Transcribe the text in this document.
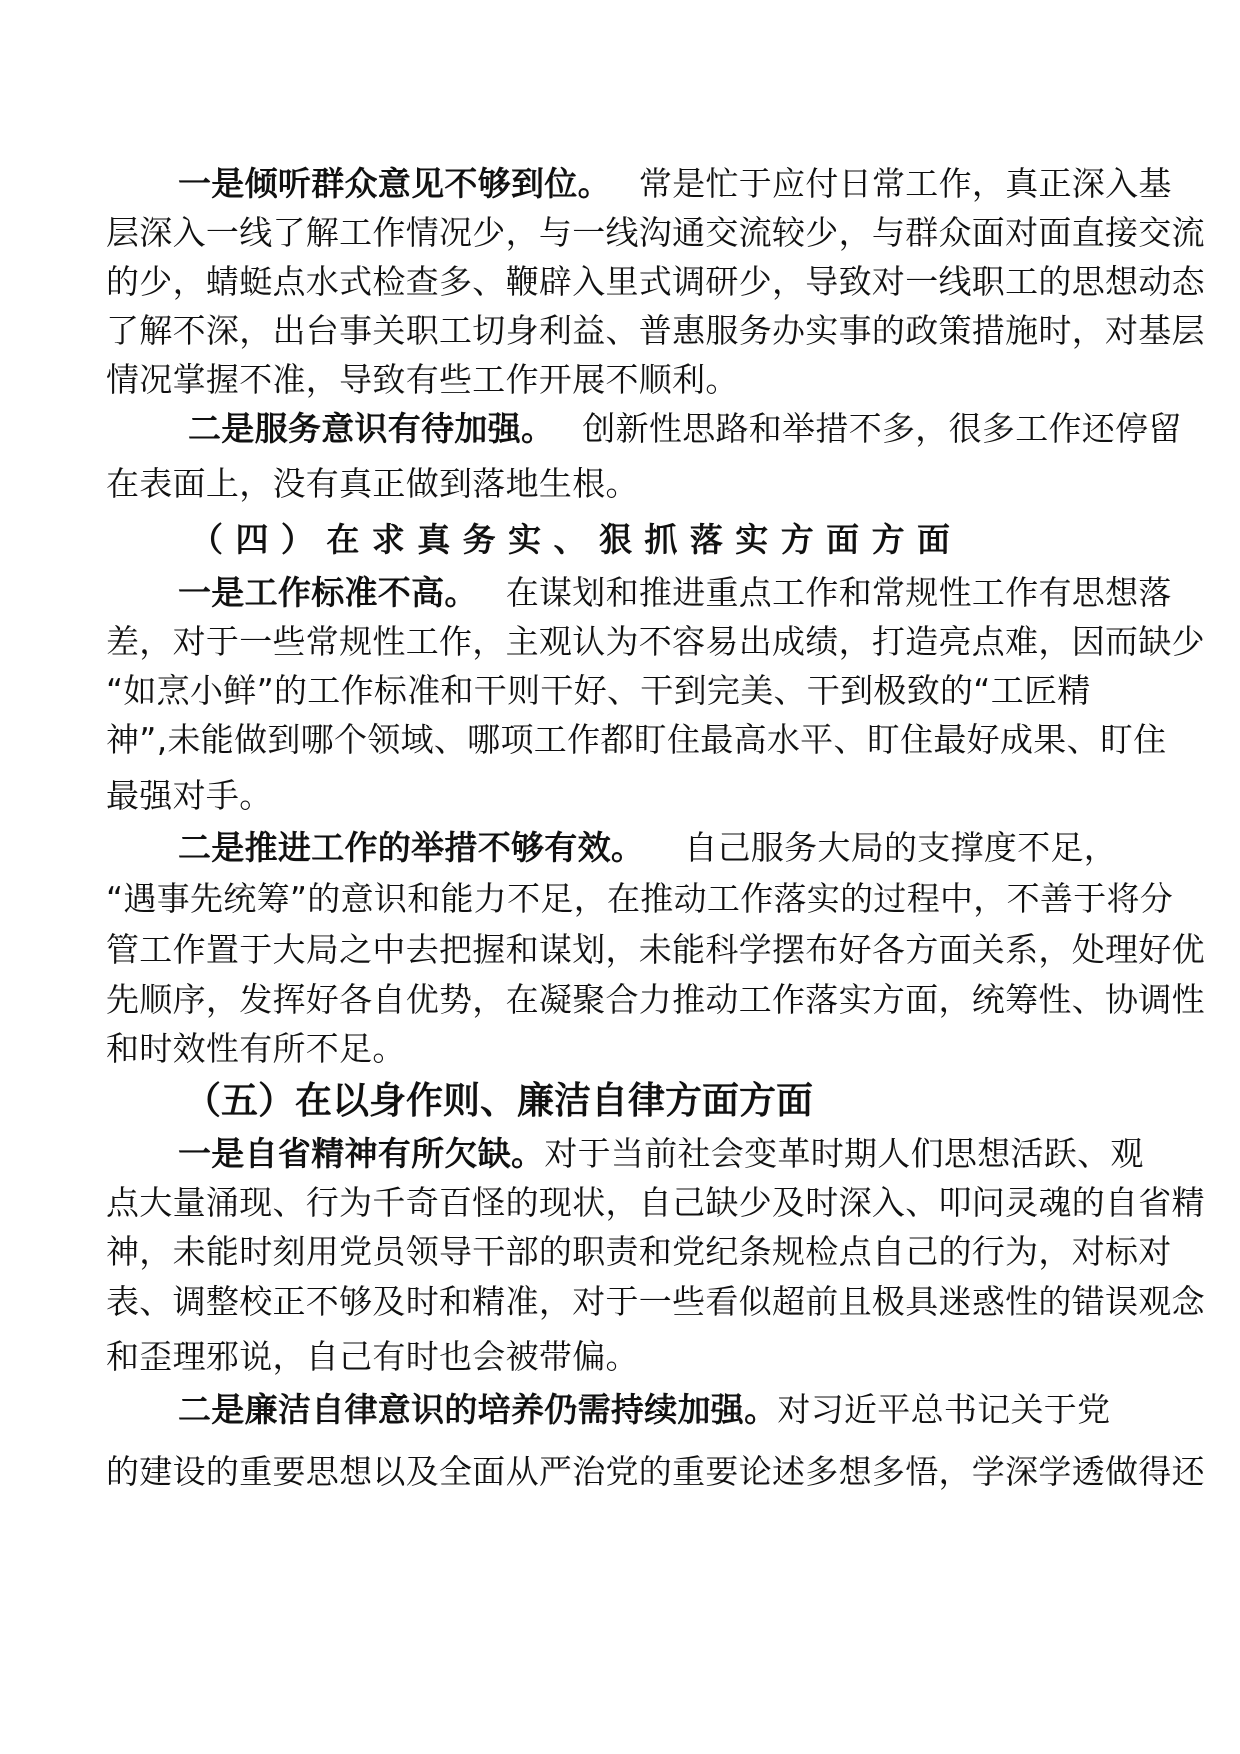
一是倾听群众意见不够到位。 常是忙于应付日常工作，真正深入基
层深入一线了解工作情况少，与一线沟通交流较少，与群众面对面直接交流
的少，蜻蜓点水式检查多、鞭辟入里式调研少，导致对一线职工的思想动态
了解不深，出台事关职工切身利益、普惠服务办实事的政策措施时，对基层
情况掌握不准，导致有些工作开展不顺利。
二是服务意识有待加强。 创新性思路和举措不多，很多工作还停留
在表面上，没有真正做到落地生根。
（ 四 ） 在 求 真 务 实 、 狠 抓 落 实 方 面 方 面
一是工作标准不高。 在谋划和推进重点工作和常规性工作有思想落
差，对于一些常规性工作，主观认为不容易出成绩，打造亮点难，因而缺少
“如烹小鲜”的工作标准和干则干好、干到完美、干到极致的“工匠精
神”,未能做到哪个领域、哪项工作都盯住最高水平、盯住最好成果、盯住
最强对手。
二是推进工作的举措不够有效。 自己服务大局的支撑度不足，
“遇事先统筹”的意识和能力不足，在推动工作落实的过程中，不善于将分
管工作置于大局之中去把握和谋划，未能科学摆布好各方面关系，处理好优
先顺序，发挥好各自优势，在凝聚合力推动工作落实方面，统筹性、协调性
和时效性有所不足。
（五）在以身作则、廉洁自律方面方面
一是自省精神有所欠缺。对于当前社会变革时期人们思想活跃、观
点大量涌现、行为千奇百怪的现状，自己缺少及时深入、叩问灵魂的自省精
神，未能时刻用党员领导干部的职责和党纪条规检点自己的行为，对标对
表、调整校正不够及时和精准，对于一些看似超前且极具迷惑性的错误观念
和歪理邪说，自己有时也会被带偏。
二是廉洁自律意识的培养仍需持续加强。对习近平总书记关于党
的建设的重要思想以及全面从严治党的重要论述多想多悟，学深学透做得还
